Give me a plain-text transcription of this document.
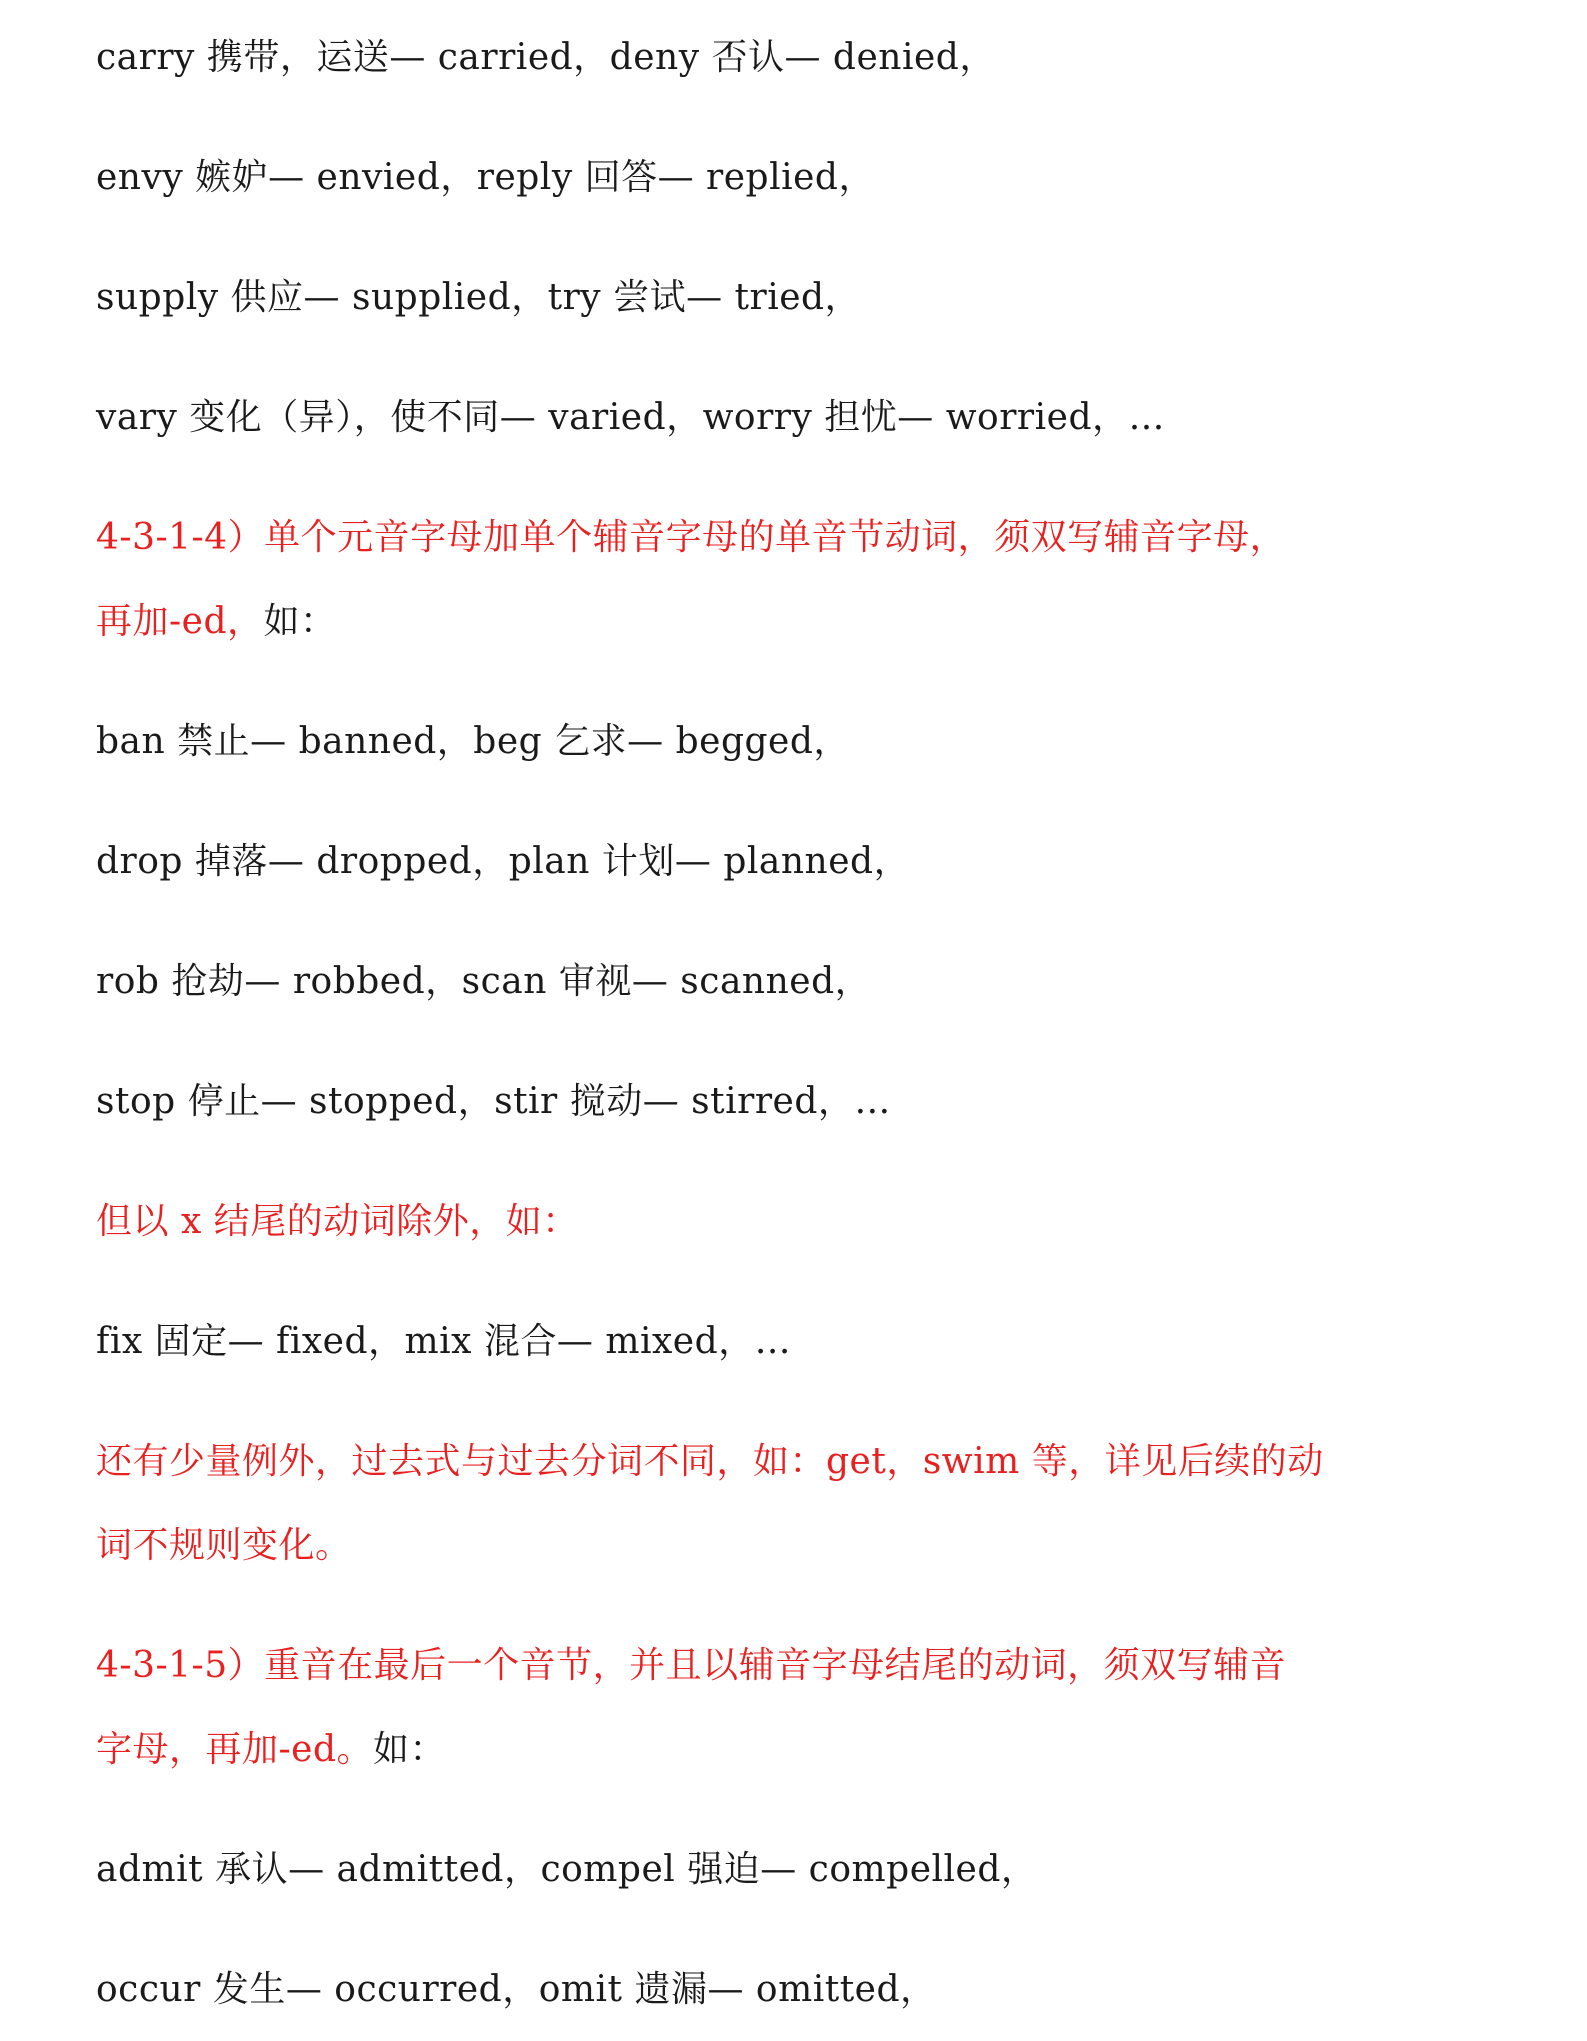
carry 携带，运送— carried，deny 否认— denied，
envy 嫉妒— envied，reply 回答— replied，
supply 供应— supplied，try 尝试— tried，
vary 变化（异），使不同— varied，worry 担忧— worried，…
4-3-1-4）单个元音字母加单个辅音字母的单音节动词，须双写辅音字母，
再加-ed，如：
ban 禁止— banned，beg 乞求— begged，
drop 掉落— dropped，plan 计划— planned，
rob 抢劫— robbed，scan 审视— scanned，
stop 停止— stopped，stir 搅动— stirred，…
但以 x 结尾的动词除外，如：
fix 固定— fixed，mix 混合— mixed，…
还有少量例外，过去式与过去分词不同，如：get，swim 等，详见后续的动
词不规则变化。
4-3-1-5）重音在最后一个音节，并且以辅音字母结尾的动词，须双写辅音
字母，再加-ed。如：
admit 承认— admitted，compel 强迫— compelled，
occur 发生— occurred，omit 遗漏— omitted，
